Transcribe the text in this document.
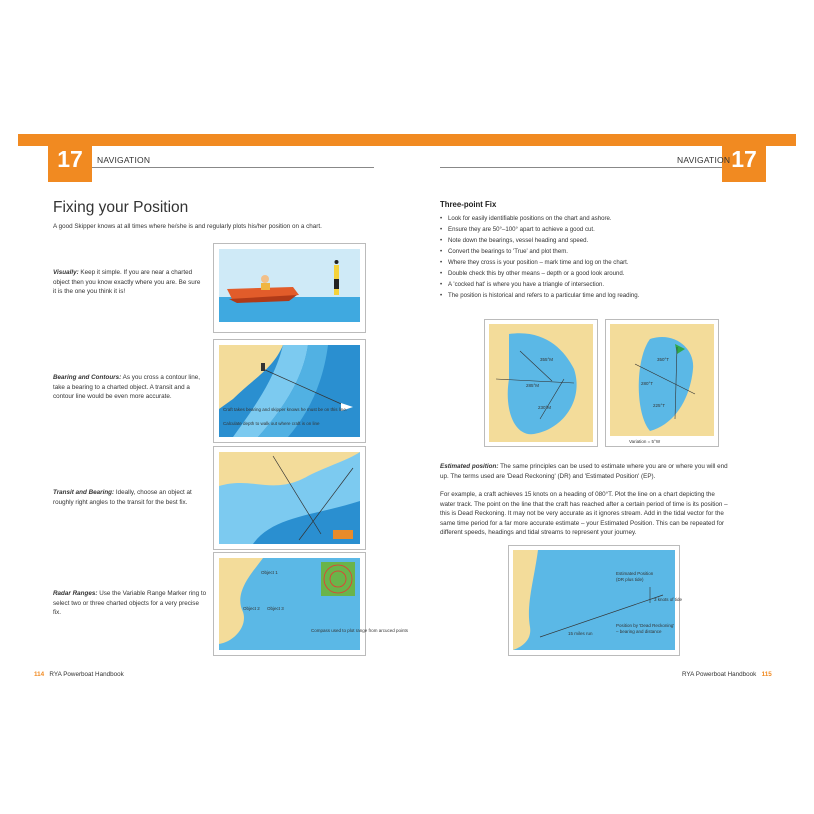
17	17
NAVIGATION	NAVIGATION
Fixing your Position
A good Skipper knows at all times where he/she is and regularly plots his/her position on a chart.
Visually: Keep it simple. If you are near a charted object then you know exactly where you are. Be sure it is the one you think it is!
Bearing and Contours: As you cross a contour line, take a bearing to a charted object. A transit and a contour line would be even more accurate.
Transit and Bearing: Ideally, choose an object at roughly right angles to the transit for the best fix.
Radar Ranges: Use the Variable Range Marker ring to select two or three charted objects for a very precise fix.
Craft takes bearing and skipper knows he must be on this line.
Calculate depth to walk out where craft is on line
Object 1
Object 2 Object 3
Compass used to plot range from arcuced points
114 RYA Powerboat Handbook
Three-point Fix
• Look for easily identifiable positions on the chart and ashore.
• Ensure they are 50°–100° apart to achieve a good cut.
• Note down the bearings, vessel heading and speed.
• Convert the bearings to 'True' and plot them.
• Where they cross is your position – mark time and log on the chart.
• Double check this by other means – depth or a good look around.
• A 'cocked hat' is where you have a triangle of intersection.
• The position is historical and refers to a particular time and log reading.
355°M
285°M
230°M
350°T
280°T
225°T
Variation = 5°W
Estimated position: The same principles can be used to estimate where you are or where you will end up. The terms used are 'Dead Reckoning' (DR) and 'Estimated Position' (EP).
For example, a craft achieves 15 knots on a heading of 080°T. Plot the line on a chart depicting the water track. The point on the line that the craft has reached after a certain period of time is its position – this is Dead Reckoning. It may not be very accurate as it ignores stream. Add in the tidal vector for the same time period for a far more accurate estimate – your Estimated Position. This can be repeated for different speeds, headings and tidal streams to represent your journey.
Estimated Position
(DR plus tide)
3 knots of tide
15 miles run
Position by 'Dead Reckoning'
– bearing and distance
RYA Powerboat Handbook 115
